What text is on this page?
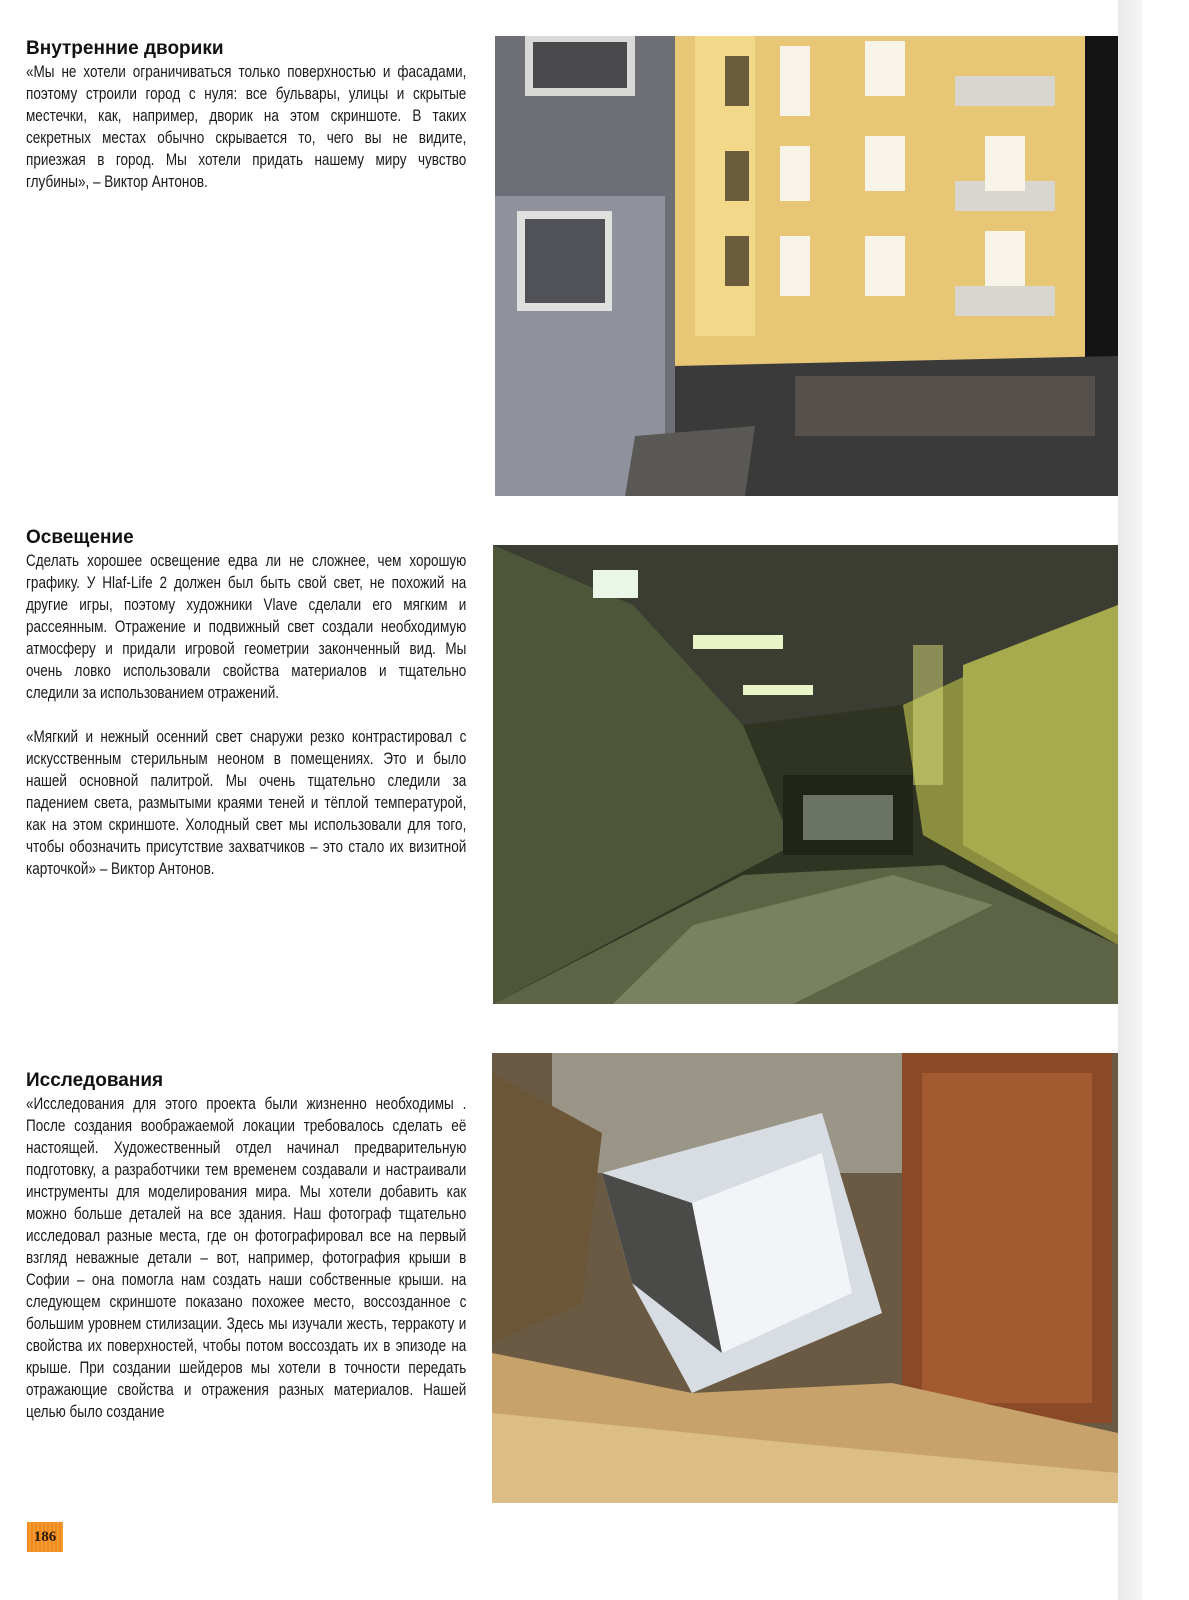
Внутренние дворики

«Мы не хотели ограничиваться только поверхностью и фасадами, поэтому строили город с нуля: все бульвары, улицы и скрытые местечки, как, например, дворик на этом скриншоте. В таких секретных местах обычно скрывается то, чего вы не видите, приезжая в город. Мы хотели придать нашему миру чувство глубины», – Виктор Антонов.

Освещение

Сделать хорошее освещение едва ли не сложнее, чем хорошую графику. У Hlaf-Life 2 должен был быть свой свет, не похожий на другие игры, поэтому художники Vlave сделали его мягким и рассеянным. Отражение и подвижный свет создали необходимую атмосферу и придали игровой геометрии законченный вид. Мы очень ловко использовали свойства материалов и тщательно следили за использованием отражений.

«Мягкий и нежный осенний свет снаружи резко контрастировал с искусственным стерильным неоном в помещениях. Это и было нашей основной палитрой. Мы очень тщательно следили за падением света, размытыми краями теней и тёплой температурой, как на этом скриншоте. Холодный свет мы использовали для того, чтобы обозначить присутствие захватчиков – это стало их визитной карточкой» – Виктор Антонов.

Исследования

«Исследования для этого проекта были жизненно необходимы . После создания воображаемой локации требовалось сделать её настоящей. Художественный отдел начинал предварительную подготовку, а разработчики тем временем создавали и настраивали инструменты для моделирования мира. Мы хотели добавить как можно больше деталей на все здания. Наш фотограф тщательно исследовал разные места, где он фотографировал все на первый взгляд неважные детали – вот, например, фотография крыши в Софии – она помогла нам создать наши собственные крыши. на следующем скриншоте показано похожее место, воссозданное с большим уровнем стилизации. Здесь мы изучали жесть, терракоту и свойства их поверхностей, чтобы потом воссоздать их в эпизоде на крыше. При создании шейдеров мы хотели в точности передать отражающие свойства и отражения разных материалов. Нашей целью было создание

186
